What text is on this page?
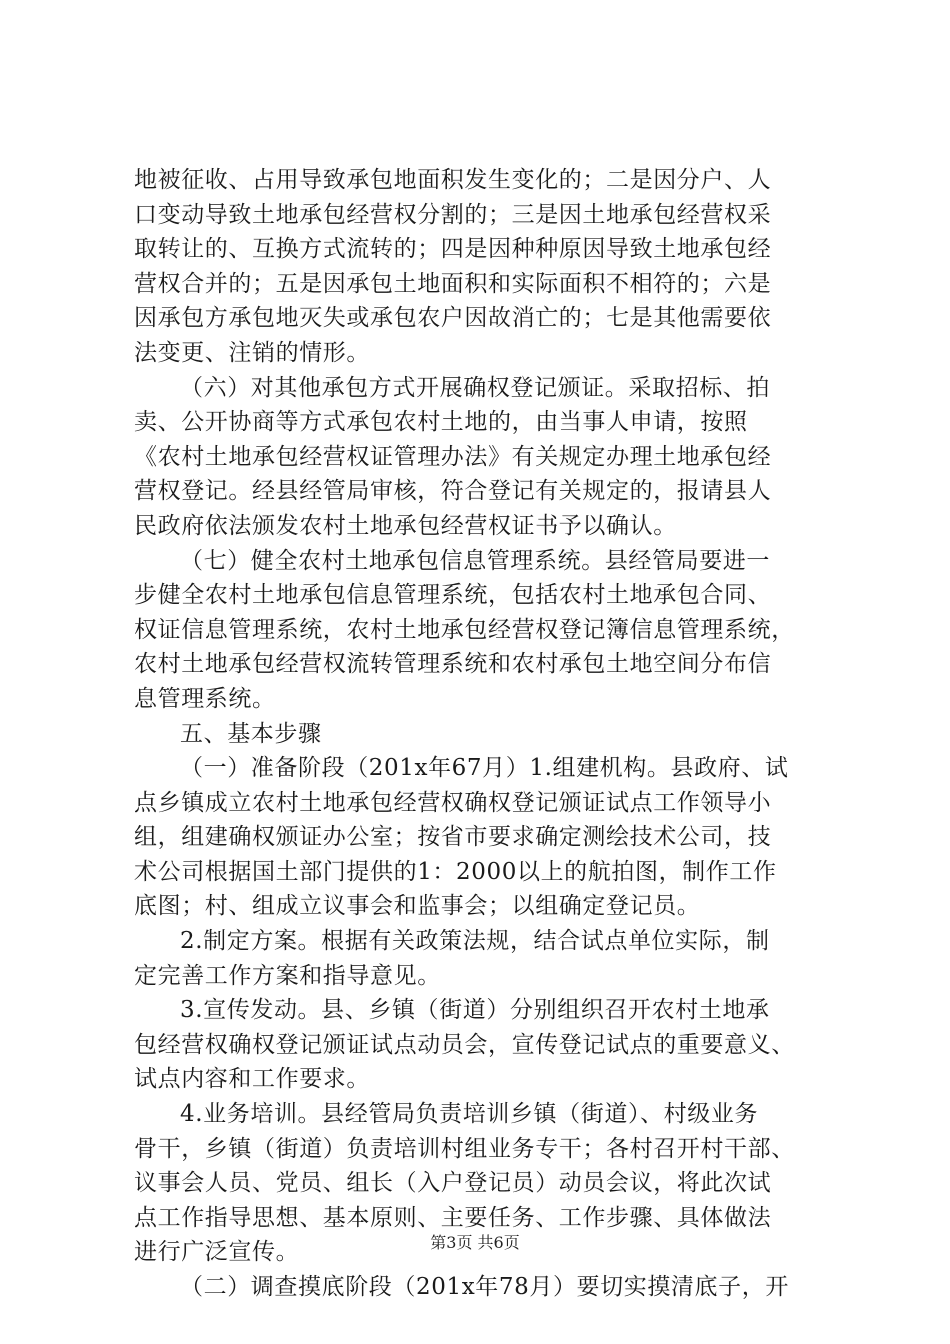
地被征收、占用导致承包地面积发生变化的；二是因分户、人
口变动导致土地承包经营权分割的；三是因土地承包经营权采
取转让的、互换方式流转的；四是因种种原因导致土地承包经
营权合并的；五是因承包土地面积和实际面积不相符的；六是
因承包方承包地灭失或承包农户因故消亡的；七是其他需要依
法变更、注销的情形。
（六）对其他承包方式开展确权登记颁证。采取招标、拍
卖、公开协商等方式承包农村土地的，由当事人申请，按照
《农村土地承包经营权证管理办法》有关规定办理土地承包经
营权登记。经县经管局审核，符合登记有关规定的，报请县人
民政府依法颁发农村土地承包经营权证书予以确认。
（七）健全农村土地承包信息管理系统。县经管局要进一
步健全农村土地承包信息管理系统，包括农村土地承包合同、
权证信息管理系统，农村土地承包经营权登记簿信息管理系统，
农村土地承包经营权流转管理系统和农村承包土地空间分布信
息管理系统。
五、基本步骤
（一）准备阶段（201x年67月）1.组建机构。县政府、试
点乡镇成立农村土地承包经营权确权登记颁证试点工作领导小
组，组建确权颁证办公室；按省市要求确定测绘技术公司，技
术公司根据国土部门提供的1：2000以上的航拍图，制作工作
底图；村、组成立议事会和监事会；以组确定登记员。
2.制定方案。根据有关政策法规，结合试点单位实际，制
定完善工作方案和指导意见。
3.宣传发动。县、乡镇（街道）分别组织召开农村土地承
包经营权确权登记颁证试点动员会，宣传登记试点的重要意义、
试点内容和工作要求。
4.业务培训。县经管局负责培训乡镇（街道）、村级业务
骨干，乡镇（街道）负责培训村组业务专干；各村召开村干部、
议事会人员、党员、组长（入户登记员）动员会议，将此次试
点工作指导思想、基本原则、主要任务、工作步骤、具体做法
进行广泛宣传。
（二）调查摸底阶段（201x年78月）要切实摸清底子，开
第3页 共6页
